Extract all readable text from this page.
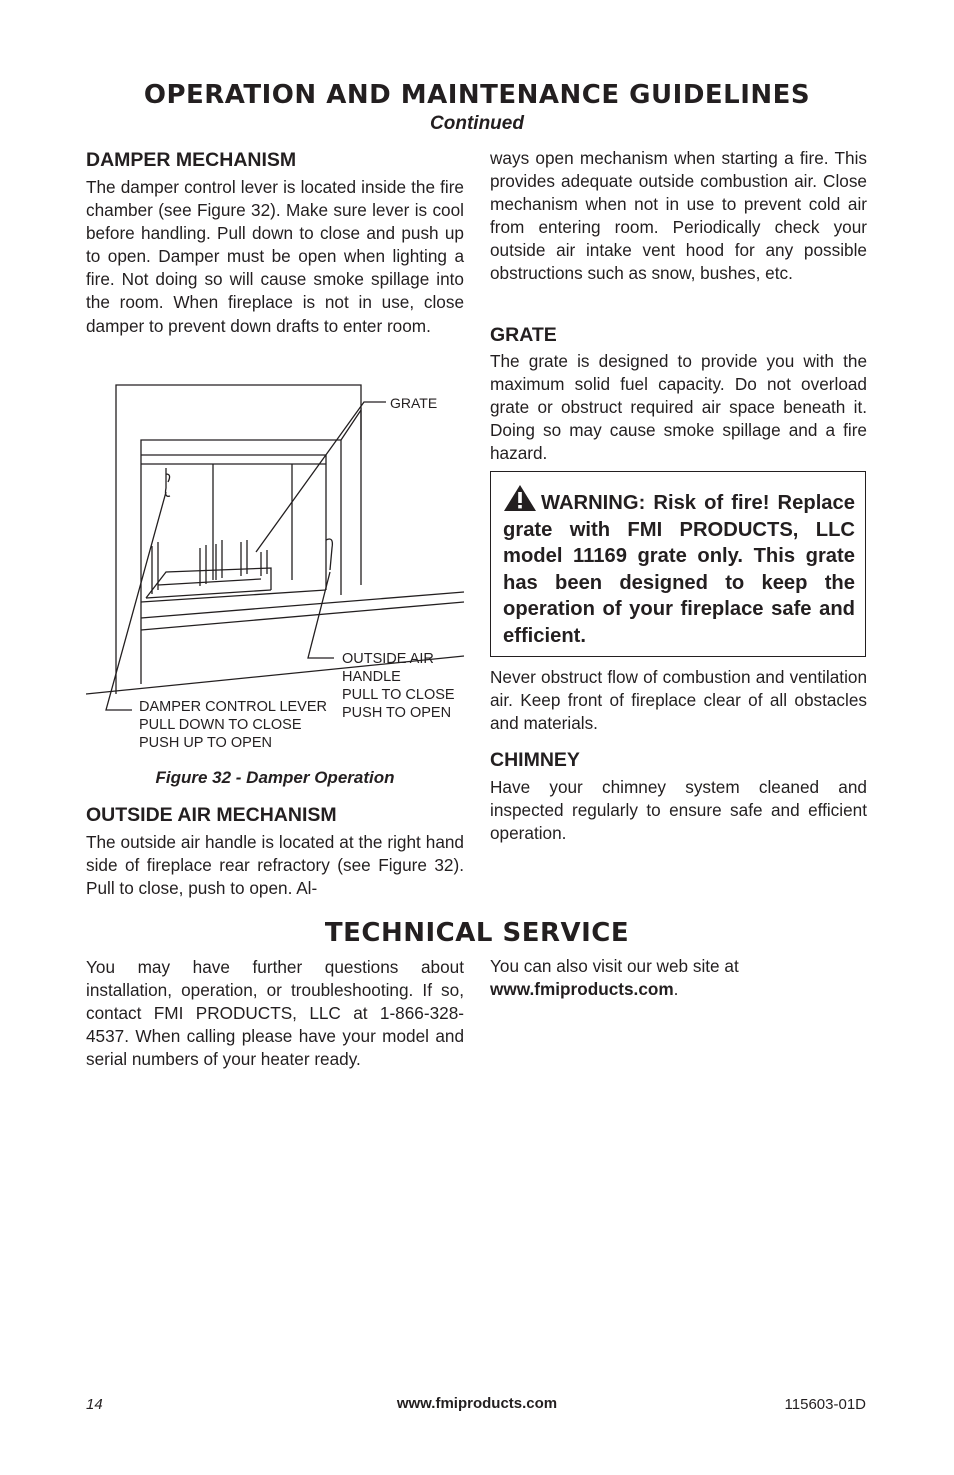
OPERATION AND MAINTENANCE GUIDELINES

Continued

DAMPER MECHANISM

The damper control lever is located inside the fire chamber (see Figure 32). Make sure lever is cool before handling. Pull down to close and push up to open. Damper must be open when lighting a fire. Not doing so will cause smoke spillage into the room. When fireplace is not in use, close damper to prevent down drafts to enter room.

GRATE

OUTSIDE AIR

HANDLE

PULL TO CLOSE

PUSH TO OPEN

DAMPER CONTROL LEVER

PULL DOWN TO CLOSE

PUSH UP TO OPEN

Figure 32 - Damper Operation

OUTSIDE AIR MECHANISM

The outside air handle is located at the right hand side of fireplace rear refractory (see Figure 32). Pull to close, push to open. Al-

ways open mechanism when starting a fire. This provides adequate outside combustion air. Close mechanism when not in use to prevent cold air from entering room. Periodically check your outside air intake vent hood for any possible obstructions such as snow, bushes, etc.

GRATE

The grate is designed to provide you with the maximum solid fuel capacity. Do not overload grate or obstruct required air space beneath it. Doing so may cause smoke spillage and a fire hazard.

WARNING: Risk of fire! Replace grate with FMI PRODUCTS, LLC model 11169 grate only. This grate has been designed to keep the operation of your fireplace safe and efficient.

Never obstruct flow of combustion and ventilation air. Keep front of fireplace clear of all obstacles and materials.

CHIMNEY

Have your chimney system cleaned and inspected regularly to ensure safe and efficient operation.

TECHNICAL SERVICE

You may have further questions about installation, operation, or troubleshooting. If so, contact FMI PRODUCTS, LLC at 1-866-328-4537. When calling please have your model and serial numbers of your heater ready.

You can also visit our web site at
www.fmiproducts.com.

14	www.fmiproducts.com	115603-01D
